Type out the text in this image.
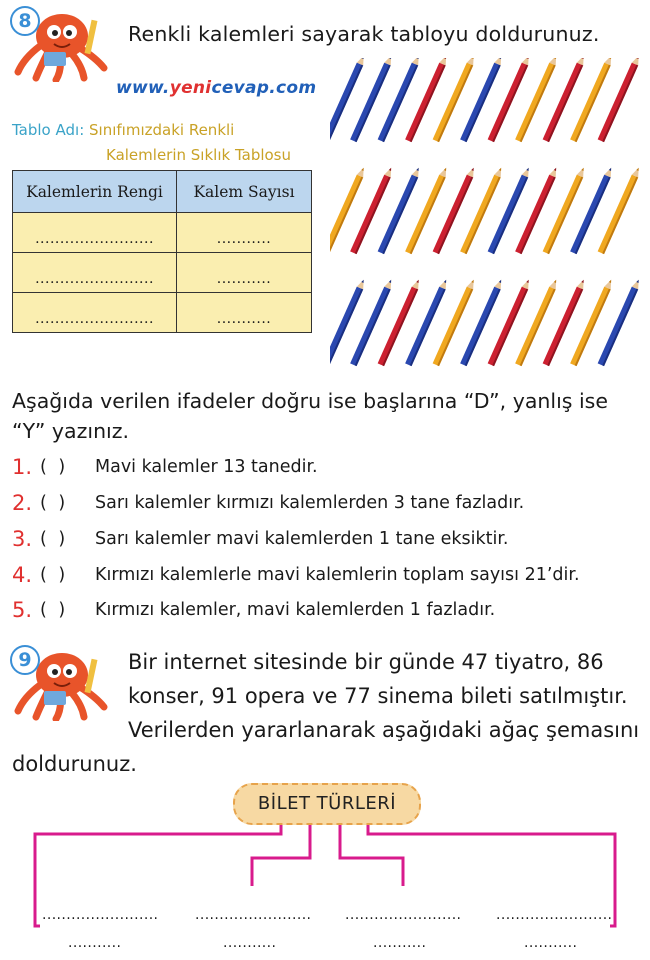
8
Renkli kalemleri sayarak tabloyu doldurunuz.
www.yenicevap.com
Tablo Adı: Sınıfımızdaki Renkli
Kalemlerin Sıklık Tablosu
Kalemlerin Rengi	Kalem Sayısı
........................	...........
........................	...........
........................	...........
Aşağıda verilen ifadeler doğru ise başlarına “D”, yanlış ise
“Y” yazınız.
1. ( )	Mavi kalemler 13 tanedir.
2. ( )	Sarı kalemler kırmızı kalemlerden 3 tane fazladır.
3. ( )	Sarı kalemler mavi kalemlerden 1 tane eksiktir.
4. ( )	Kırmızı kalemlerle mavi kalemlerin toplam sayısı 21’dir.
5. ( )	Kırmızı kalemler, mavi kalemlerden 1 fazladır.
9	Bir internet sitesinde bir günde 47 tiyatro, 86
konser, 91 opera ve 77 sinema bileti satılmıştır.
Verilerden yararlanarak aşağıdaki ağaç şemasını
doldurunuz.
BİLET TÜRLERİ
........................
...........
........................
...........
........................
...........
........................
...........
